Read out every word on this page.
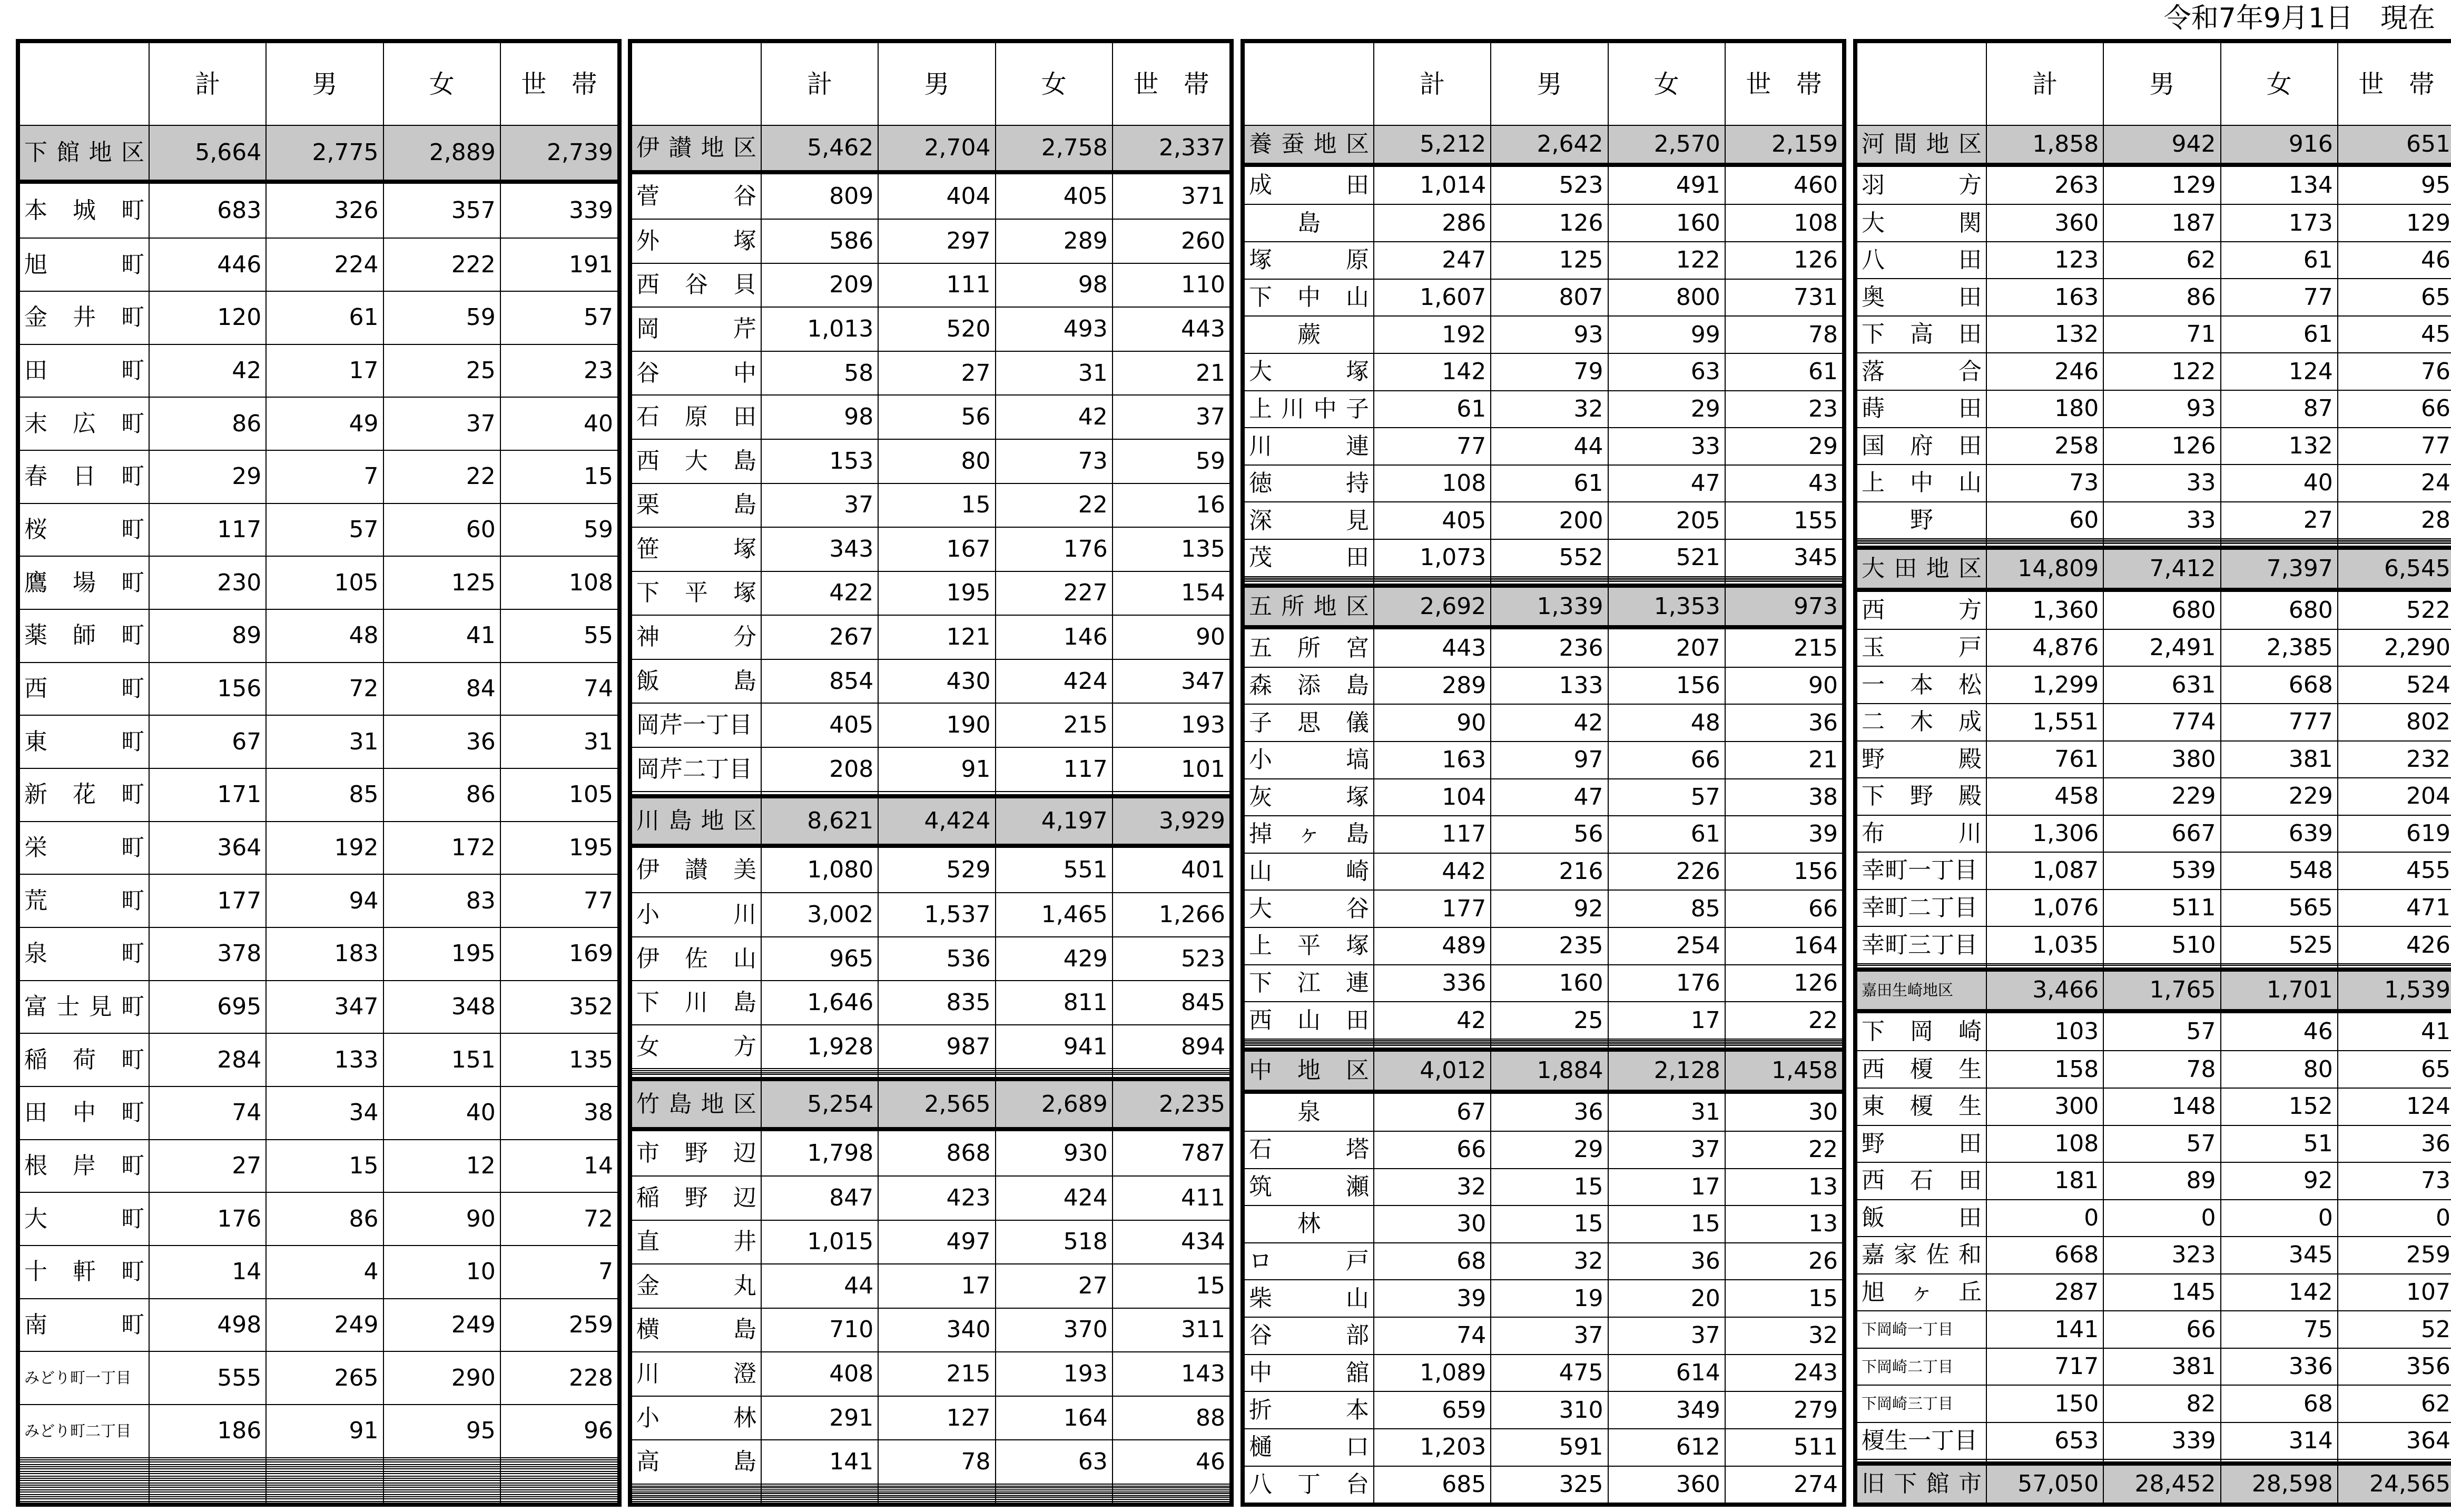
令和7年9月1日　現在
	計	男	女	世　帯

下館地区	5,664	2,775	2,889	2,739

本城町	683	326	357	339

旭町	446	224	222	191

金井町	120	61	59	57

田町	42	17	25	23

末広町	86	49	37	40

春日町	29	7	22	15

桜町	117	57	60	59

鷹場町	230	105	125	108

薬師町	89	48	41	55

西町	156	72	84	74

東町	67	31	36	31

新花町	171	85	86	105

栄町	364	192	172	195

荒町	177	94	83	77

泉町	378	183	195	169

富士見町	695	347	348	352

稲荷町	284	133	151	135

田中町	74	34	40	38

根岸町	27	15	12	14

大町	176	86	90	72

十軒町	14	4	10	7

南町	498	249	249	259

みどり町一丁目	555	265	290	228

みどり町二丁目	186	91	95	96

	計	男	女	世　帯

伊讃地区	5,462	2,704	2,758	2,337

菅谷	809	404	405	371

外塚	586	297	289	260

西谷貝	209	111	98	110

岡芹	1,013	520	493	443

谷中	58	27	31	21

石原田	98	56	42	37

西大島	153	80	73	59

栗島	37	15	22	16

笹塚	343	167	176	135

下平塚	422	195	227	154

神分	267	121	146	90

飯島	854	430	424	347

岡芹一丁目	405	190	215	193

岡芹二丁目	208	91	117	101

川島地区	8,621	4,424	4,197	3,929

伊讃美	1,080	529	551	401

小川	3,002	1,537	1,465	1,266

伊佐山	965	536	429	523

下川島	1,646	835	811	845

女方	1,928	987	941	894

竹島地区	5,254	2,565	2,689	2,235

市野辺	1,798	868	930	787

稲野辺	847	423	424	411

直井	1,015	497	518	434

金丸	44	17	27	15

横島	710	340	370	311

川澄	408	215	193	143

小林	291	127	164	88

高島	141	78	63	46

	計	男	女	世　帯

養蚕地区	5,212	2,642	2,570	2,159

成田	1,014	523	491	460

島	286	126	160	108

塚原	247	125	122	126

下中山	1,607	807	800	731

蕨	192	93	99	78

大塚	142	79	63	61

上川中子	61	32	29	23

川連	77	44	33	29

徳持	108	61	47	43

深見	405	200	205	155

茂田	1,073	552	521	345

五所地区	2,692	1,339	1,353	973

五所宮	443	236	207	215

森添島	289	133	156	90

子思儀	90	42	48	36

小塙	163	97	66	21

灰塚	104	47	57	38

掉ヶ島	117	56	61	39

山崎	442	216	226	156

大谷	177	92	85	66

上平塚	489	235	254	164

下江連	336	160	176	126

西山田	42	25	17	22

中地区	4,012	1,884	2,128	1,458

泉	67	36	31	30

石塔	66	29	37	22

筑瀬	32	15	17	13

林	30	15	15	13

ロ戸	68	32	36	26

柴山	39	19	20	15

谷部	74	37	37	32

中舘	1,089	475	614	243

折本	659	310	349	279

樋口	1,203	591	612	511

八丁台	685	325	360	274
	計	男	女	世　帯

河間地区	1,858	942	916	651

羽方	263	129	134	95

大関	360	187	173	129

八田	123	62	61	46

奥田	163	86	77	65

下高田	132	71	61	45

落合	246	122	124	76

蒔田	180	93	87	66

国府田	258	126	132	77

上中山	73	33	40	24

野	60	33	27	28

大田地区	14,809	7,412	7,397	6,545

西方	1,360	680	680	522

玉戸	4,876	2,491	2,385	2,290

一本松	1,299	631	668	524

二木成	1,551	774	777	802

野殿	761	380	381	232

下野殿	458	229	229	204

布川	1,306	667	639	619

幸町一丁目	1,087	539	548	455

幸町二丁目	1,076	511	565	471

幸町三丁目	1,035	510	525	426

嘉田生崎地区	3,466	1,765	1,701	1,539

下岡崎	103	57	46	41

西榎生	158	78	80	65

東榎生	300	148	152	124

野田	108	57	51	36

西石田	181	89	92	73

飯田	0	0	0	0

嘉家佐和	668	323	345	259

旭ヶ丘	287	145	142	107

下岡崎一丁目	141	66	75	52

下岡崎二丁目	717	381	336	356

下岡崎三丁目	150	82	68	62

榎生一丁目	653	339	314	364

旧下館市	57,050	28,452	28,598	24,565
